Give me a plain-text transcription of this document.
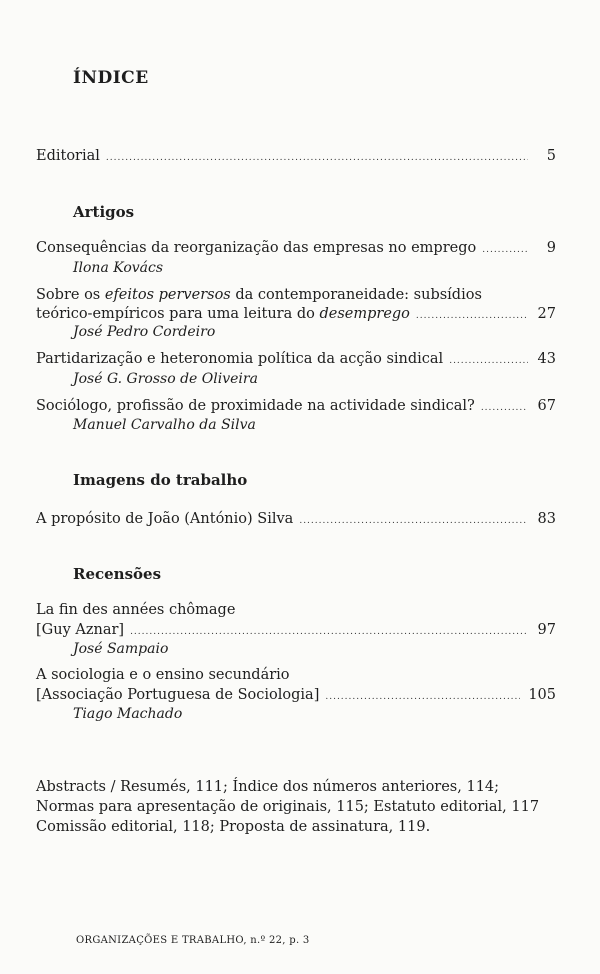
ÍNDICE
Editorial .....	5
Artigos
Consequências da reorganização das empresas no emprego .....	9
Ilona Kovács
Sobre os efeitos perversos da contemporaneidade: subsídios
teórico-empíricos para uma leitura do desemprego .....	27
José Pedro Cordeiro
Partidarização e heteronomia política da acção sindical .....	43
José G. Grosso de Oliveira
Sociólogo, profissão de proximidade na actividade sindical? .....	67
Manuel Carvalho da Silva
Imagens do trabalho
A propósito de João (António) Silva .....	83
Recensões
La fin des années chômage
[Guy Aznar] .....	97
José Sampaio
A sociologia e o ensino secundário
[Associação Portuguesa de Sociologia] .....	105
Tiago Machado
Abstracts / Resumés, 111; Índice dos números anteriores, 114;
Normas para apresentação de originais, 115; Estatuto editorial, 117
Comissão editorial, 118; Proposta de assinatura, 119.
ORGANIZAÇÕES E TRABALHO, n.º 22, p. 3
